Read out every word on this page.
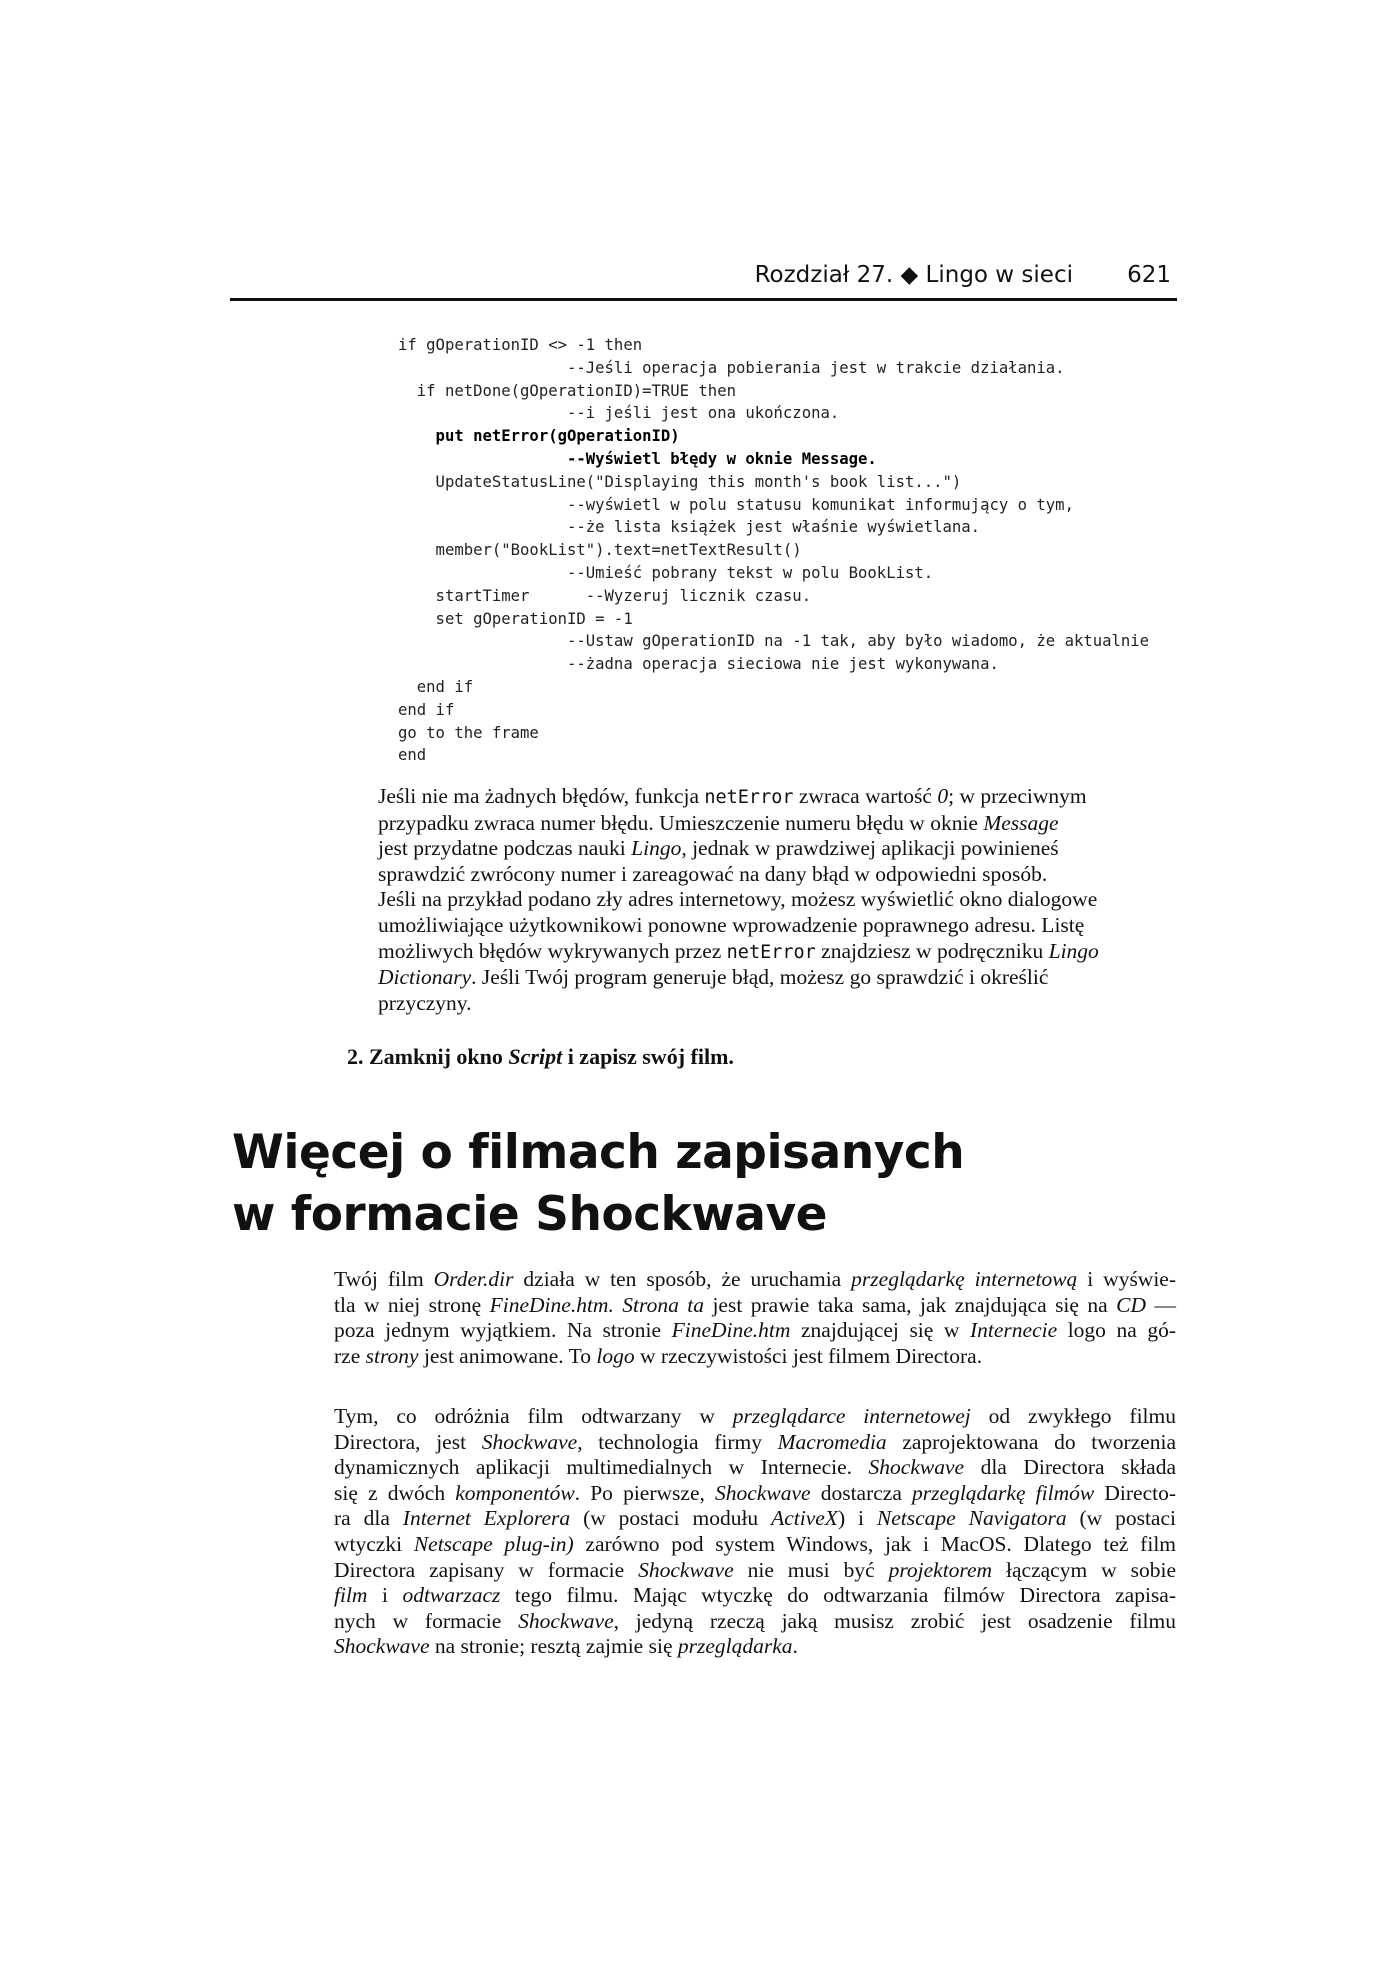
Rozdział 27. ◆ Lingo w sieci 621
if gOperationID <> -1 then
--Jeśli operacja pobierania jest w trakcie działania.
if netDone(gOperationID)=TRUE then
--i jeśli jest ona ukończona.
put netError(gOperationID)
--Wyświetl błędy w oknie Message.
UpdateStatusLine("Displaying this month's book list...")
--wyświetl w polu statusu komunikat informujący o tym,
--że lista książek jest właśnie wyświetlana.
member("BookList").text=netTextResult()
--Umieść pobrany tekst w polu BookList.
startTimer      --Wyzeruj licznik czasu.
set gOperationID = -1
--Ustaw gOperationID na -1 tak, aby było wiadomo, że aktualnie
--żadna operacja sieciowa nie jest wykonywana.
end if
end if
go to the frame
end
Jeśli nie ma żadnych błędów, funkcja netError zwraca wartość 0; w przeciwnym
przypadku zwraca numer błędu. Umieszczenie numeru błędu w oknie Message
jest przydatne podczas nauki Lingo, jednak w prawdziwej aplikacji powinieneś
sprawdzić zwrócony numer i zareagować na dany błąd w odpowiedni sposób.
Jeśli na przykład podano zły adres internetowy, możesz wyświetlić okno dialogowe
umożliwiające użytkownikowi ponowne wprowadzenie poprawnego adresu. Listę
możliwych błędów wykrywanych przez netError znajdziesz w podręczniku Lingo
Dictionary. Jeśli Twój program generuje błąd, możesz go sprawdzić i określić
przyczyny.
2. Zamknij okno Script i zapisz swój film.
Więcej o filmach zapisanych
w formacie Shockwave
Twój film Order.dir działa w ten sposób, że uruchamia przeglądarkę internetową i wyświe-
tla w niej stronę FineDine.htm. Strona ta jest prawie taka sama, jak znajdująca się na CD —
poza jednym wyjątkiem. Na stronie FineDine.htm znajdującej się w Internecie logo na gó-
rze strony jest animowane. To logo w rzeczywistości jest filmem Directora.
Tym, co odróżnia film odtwarzany w przeglądarce internetowej od zwykłego filmu
Directora, jest Shockwave, technologia firmy Macromedia zaprojektowana do tworzenia
dynamicznych aplikacji multimedialnych w Internecie. Shockwave dla Directora składa
się z dwóch komponentów. Po pierwsze, Shockwave dostarcza przeglądarkę filmów Directo-
ra dla Internet Explorera (w postaci modułu ActiveX) i Netscape Navigatora (w postaci
wtyczki Netscape plug-in) zarówno pod system Windows, jak i MacOS. Dlatego też film
Directora zapisany w formacie Shockwave nie musi być projektorem łączącym w sobie
film i odtwarzacz tego filmu. Mając wtyczkę do odtwarzania filmów Directora zapisa-
nych w formacie Shockwave, jedyną rzeczą jaką musisz zrobić jest osadzenie filmu
Shockwave na stronie; resztą zajmie się przeglądarka.
